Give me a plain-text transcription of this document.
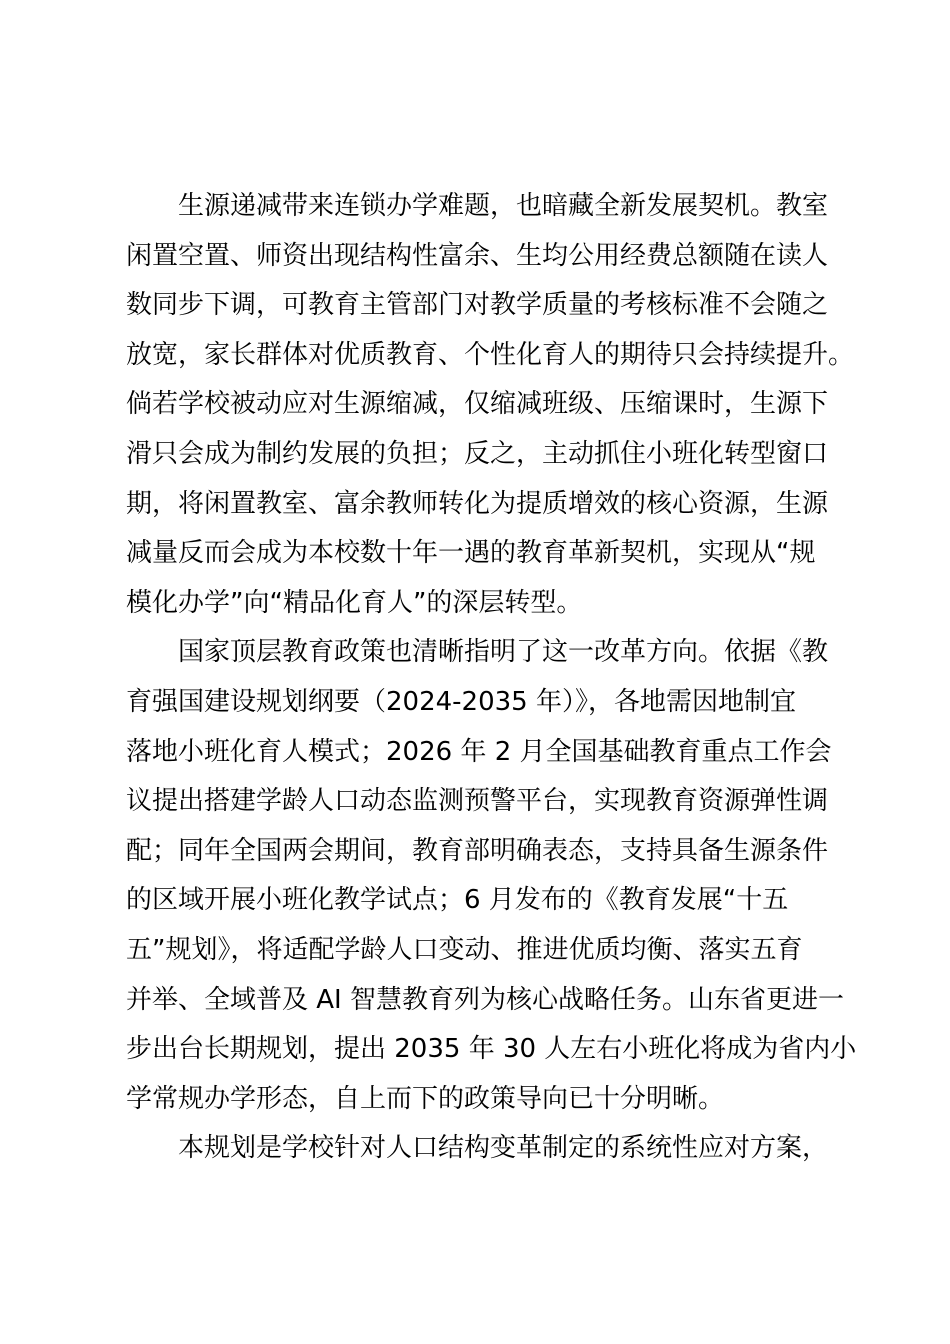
生源递减带来连锁办学难题，也暗藏全新发展契机。教室
闲置空置、师资出现结构性富余、生均公用经费总额随在读人
数同步下调，可教育主管部门对教学质量的考核标准不会随之
放宽，家长群体对优质教育、个性化育人的期待只会持续提升。
倘若学校被动应对生源缩减，仅缩减班级、压缩课时，生源下
滑只会成为制约发展的负担；反之，主动抓住小班化转型窗口
期，将闲置教室、富余教师转化为提质增效的核心资源，生源
减量反而会成为本校数十年一遇的教育革新契机，实现从“规
模化办学”向“精品化育人”的深层转型。

国家顶层教育政策也清晰指明了这一改革方向。依据《教
育强国建设规划纲要（2024-2035 年）》，各地需因地制宜
落地小班化育人模式；2026 年 2 月全国基础教育重点工作会
议提出搭建学龄人口动态监测预警平台，实现教育资源弹性调
配；同年全国两会期间，教育部明确表态，支持具备生源条件
的区域开展小班化教学试点；6 月发布的《教育发展“十五
五”规划》，将适配学龄人口变动、推进优质均衡、落实五育
并举、全域普及 AI 智慧教育列为核心战略任务。山东省更进一
步出台长期规划，提出 2035 年 30 人左右小班化将成为省内小
学常规办学形态，自上而下的政策导向已十分明晰。

本规划是学校针对人口结构变革制定的系统性应对方案，
